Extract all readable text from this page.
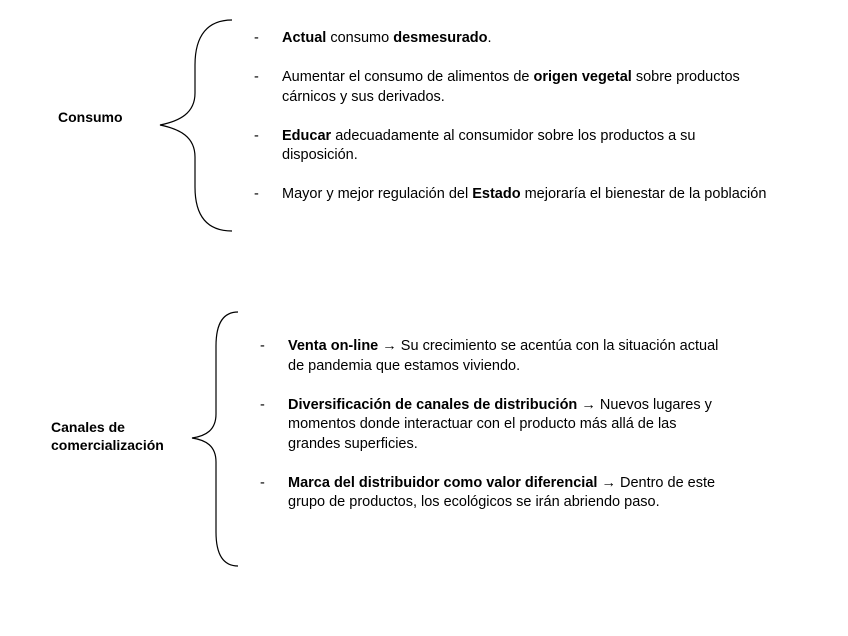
Consumo
- Actual consumo desmesurado.
- Aumentar el consumo de alimentos de origen vegetal sobre productos cárnicos y sus derivados.
- Educar adecuadamente al consumidor sobre los productos a su disposición.
- Mayor y mejor regulación del Estado mejoraría el bienestar de la población
Canales de
comercialización
- Venta on-line → Su crecimiento se acentúa con la situación actual de pandemia que estamos viviendo.
- Diversificación de canales de distribución → Nuevos lugares y momentos donde interactuar con el producto más allá de las grandes superficies.
- Marca del distribuidor como valor diferencial → Dentro de este grupo de productos, los ecológicos se irán abriendo paso.
